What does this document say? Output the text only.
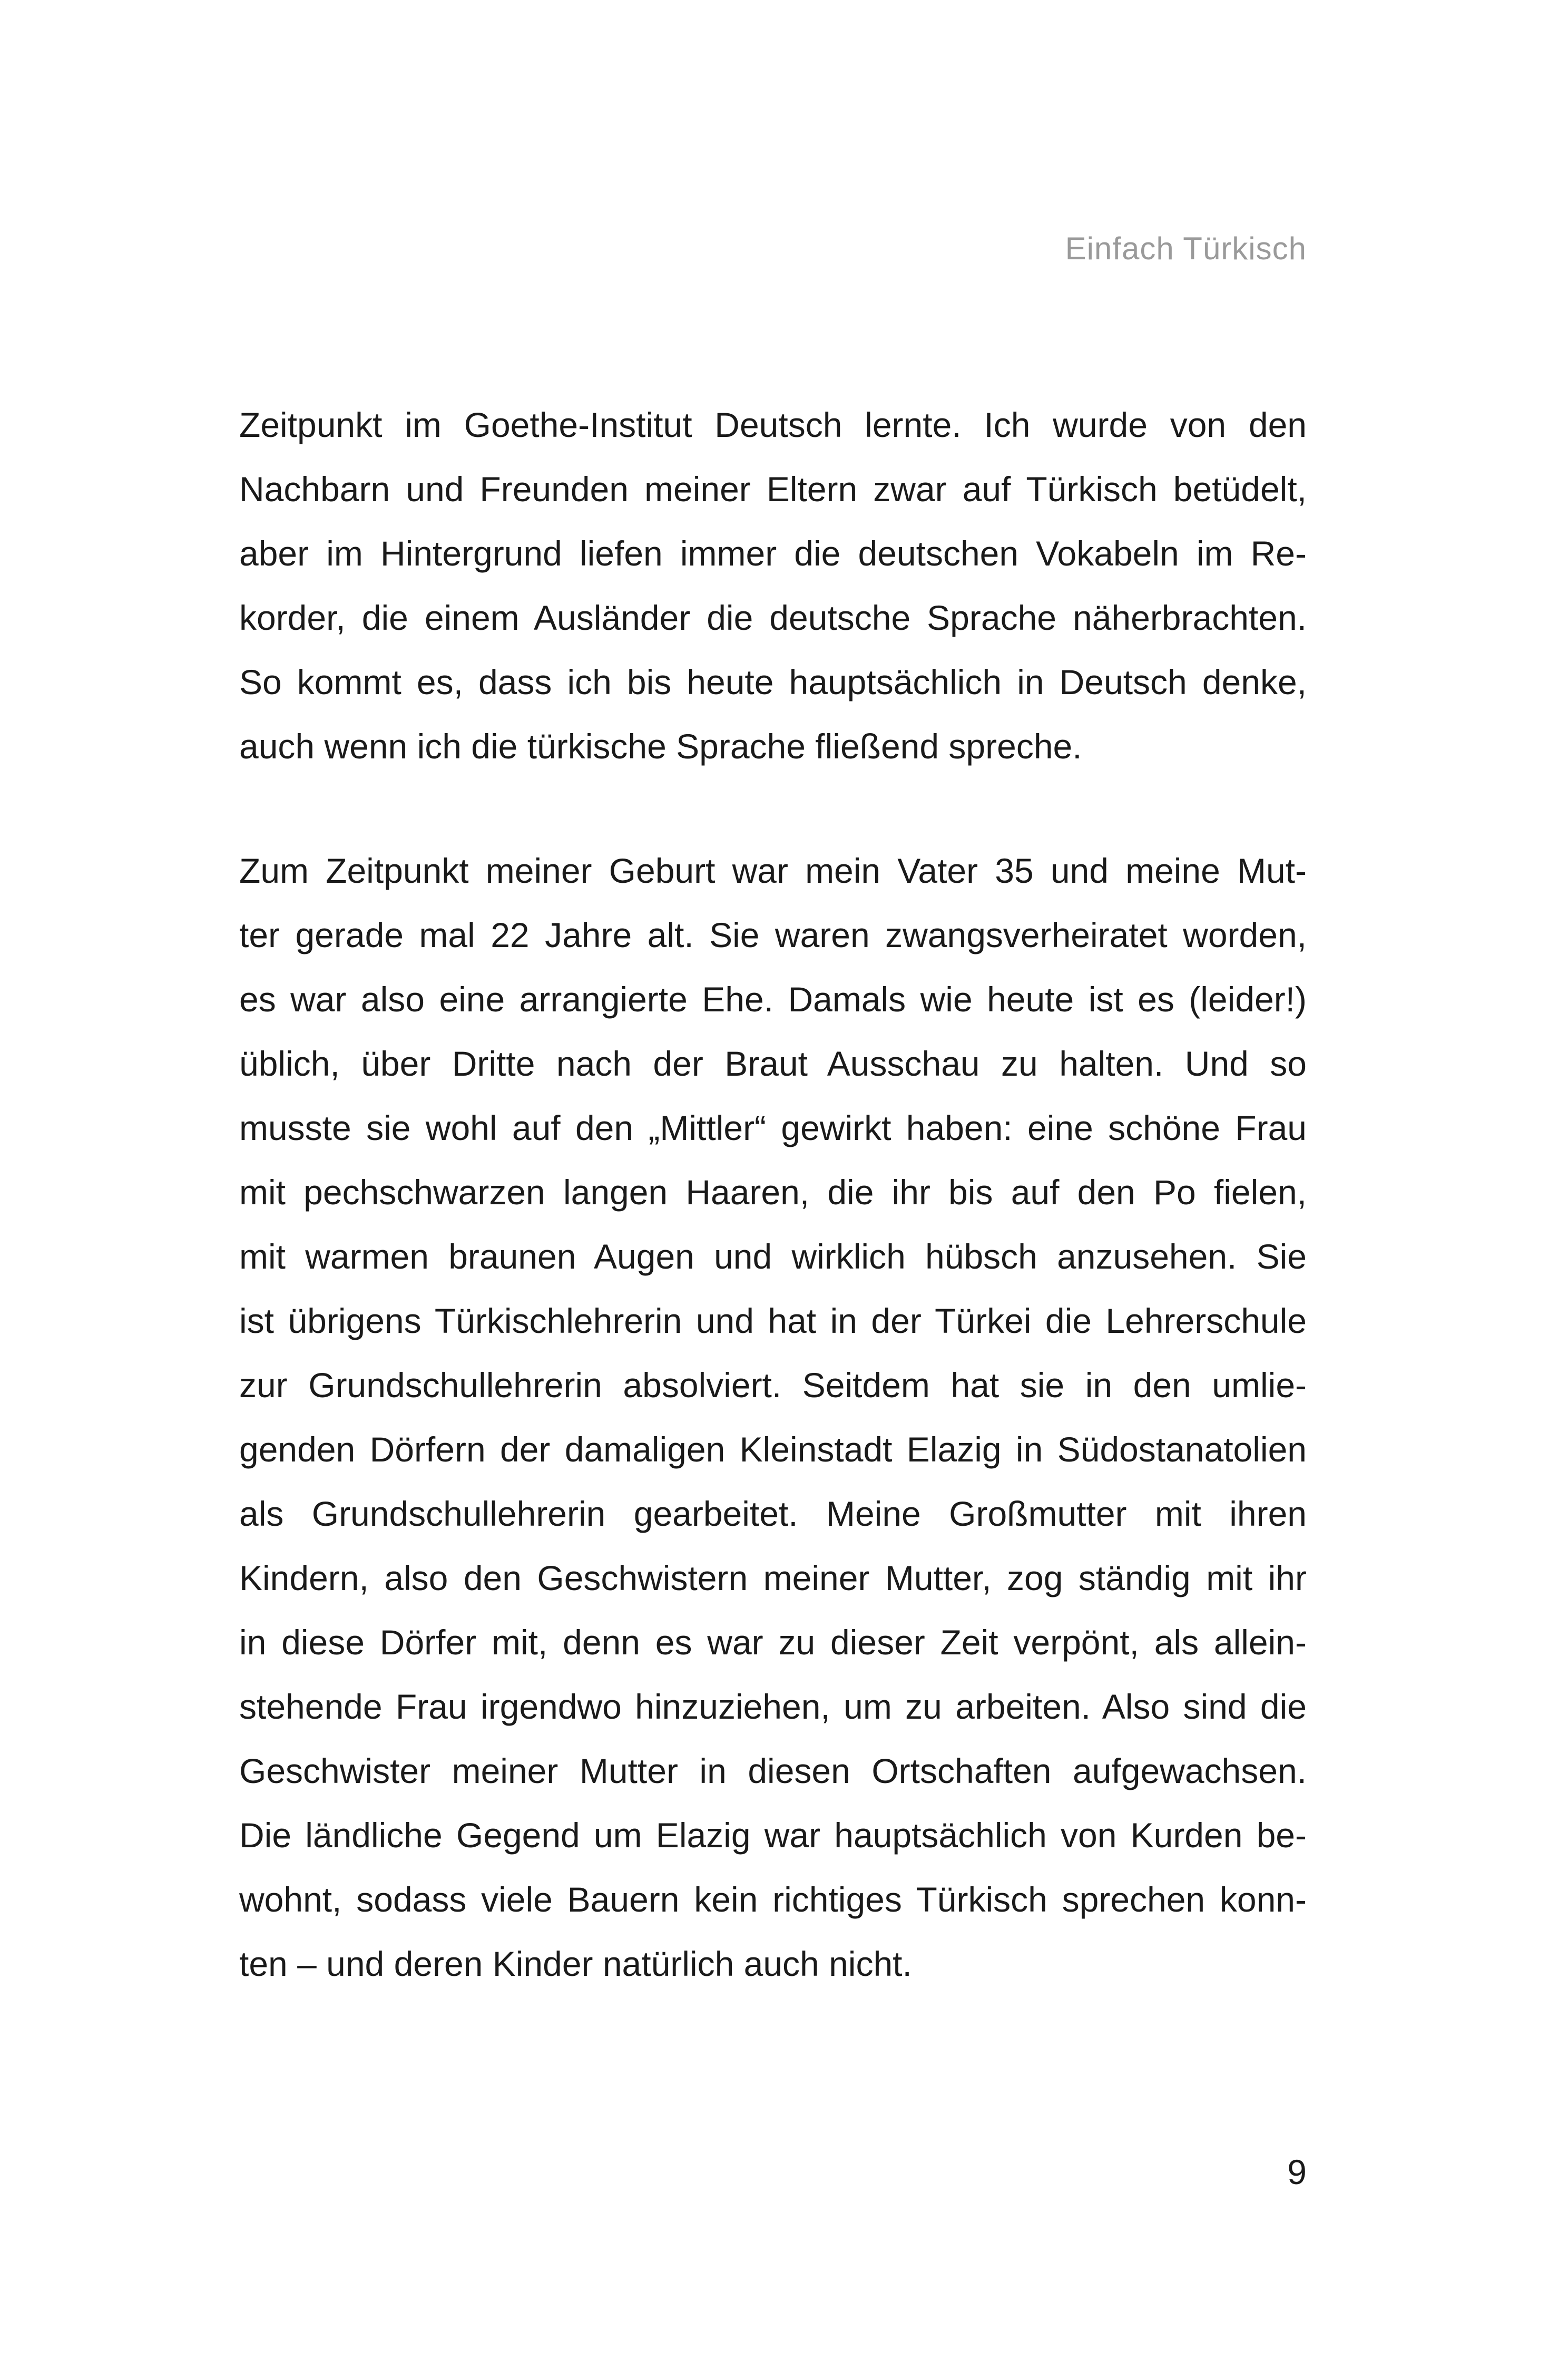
Einfach Türkisch
Zeitpunkt im Goethe-Institut Deutsch lernte. Ich wurde von den
Nachbarn und Freunden meiner Eltern zwar auf Türkisch betüdelt,
aber im Hintergrund liefen immer die deutschen Vokabeln im Re-
korder, die einem Ausländer die deutsche Sprache näherbrachten.
So kommt es, dass ich bis heute hauptsächlich in Deutsch denke,
auch wenn ich die türkische Sprache fließend spreche.
Zum Zeitpunkt meiner Geburt war mein Vater 35 und meine Mut-
ter gerade mal 22 Jahre alt. Sie waren zwangsverheiratet worden,
es war also eine arrangierte Ehe. Damals wie heute ist es (leider!)
üblich, über Dritte nach der Braut Ausschau zu halten. Und so
musste sie wohl auf den „Mittler“ gewirkt haben: eine schöne Frau
mit pechschwarzen langen Haaren, die ihr bis auf den Po fielen,
mit warmen braunen Augen und wirklich hübsch anzusehen. Sie
ist übrigens Türkischlehrerin und hat in der Türkei die Lehrerschule
zur Grundschullehrerin absolviert. Seitdem hat sie in den umlie-
genden Dörfern der damaligen Kleinstadt Elazig in Südostanatolien
als Grundschullehrerin gearbeitet. Meine Großmutter mit ihren
Kindern, also den Geschwistern meiner Mutter, zog ständig mit ihr
in diese Dörfer mit, denn es war zu dieser Zeit verpönt, als allein-
stehende Frau irgendwo hinzuziehen, um zu arbeiten. Also sind die
Geschwister meiner Mutter in diesen Ortschaften aufgewachsen.
Die ländliche Gegend um Elazig war hauptsächlich von Kurden be-
wohnt, sodass viele Bauern kein richtiges Türkisch sprechen konn-
ten – und deren Kinder natürlich auch nicht.
9
